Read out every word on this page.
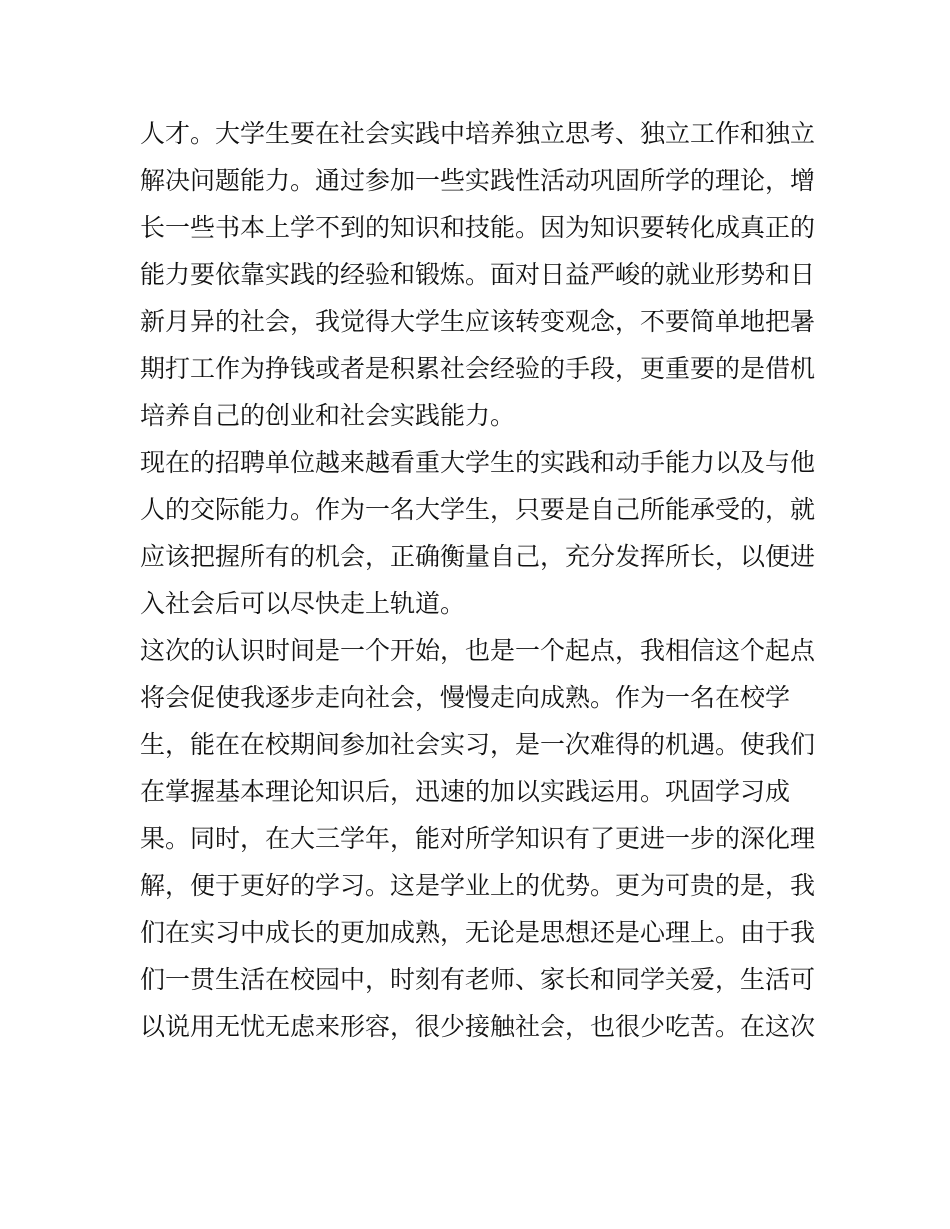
人才。大学生要在社会实践中培养独立思考、独立工作和独立
解决问题能力。通过参加一些实践性活动巩固所学的理论，增
长一些书本上学不到的知识和技能。因为知识要转化成真正的
能力要依靠实践的经验和锻炼。面对日益严峻的就业形势和日
新月异的社会，我觉得大学生应该转变观念，不要简单地把暑
期打工作为挣钱或者是积累社会经验的手段，更重要的是借机
培养自己的创业和社会实践能力。
现在的招聘单位越来越看重大学生的实践和动手能力以及与他
人的交际能力。作为一名大学生，只要是自己所能承受的，就
应该把握所有的机会，正确衡量自己，充分发挥所长，以便进
入社会后可以尽快走上轨道。
这次的认识时间是一个开始，也是一个起点，我相信这个起点
将会促使我逐步走向社会，慢慢走向成熟。作为一名在校学
生，能在在校期间参加社会实习，是一次难得的机遇。使我们
在掌握基本理论知识后，迅速的加以实践运用。巩固学习成
果。同时，在大三学年，能对所学知识有了更进一步的深化理
解，便于更好的学习。这是学业上的优势。更为可贵的是，我
们在实习中成长的更加成熟，无论是思想还是心理上。由于我
们一贯生活在校园中，时刻有老师、家长和同学关爱，生活可
以说用无忧无虑来形容，很少接触社会，也很少吃苦。在这次
